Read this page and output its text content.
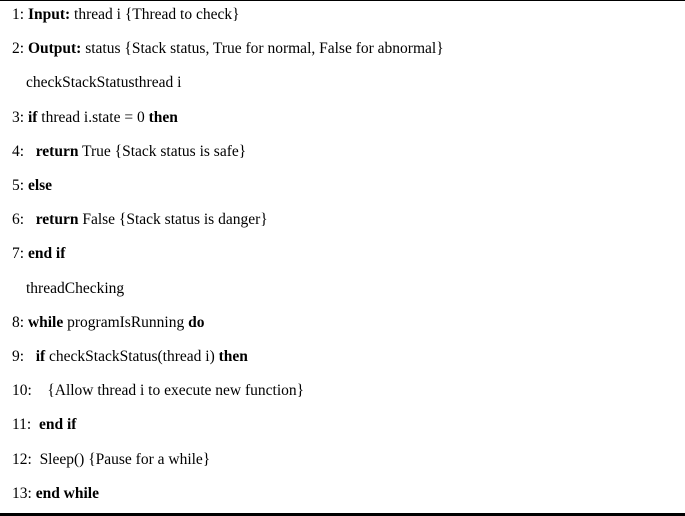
1: Input: thread i {Thread to check}
2: Output: status {Stack status, True for normal, False for abnormal}
checkStackStatusthread i
3: if thread i.state = 0 then
4: return True {Stack status is safe}
5: else
6: return False {Stack status is danger}
7: end if
threadChecking
8: while programIsRunning do
9: if checkStackStatus(thread i) then
10:    {Allow thread i to execute new function}
11: end if
12:  Sleep() {Pause for a while}
13: end while
